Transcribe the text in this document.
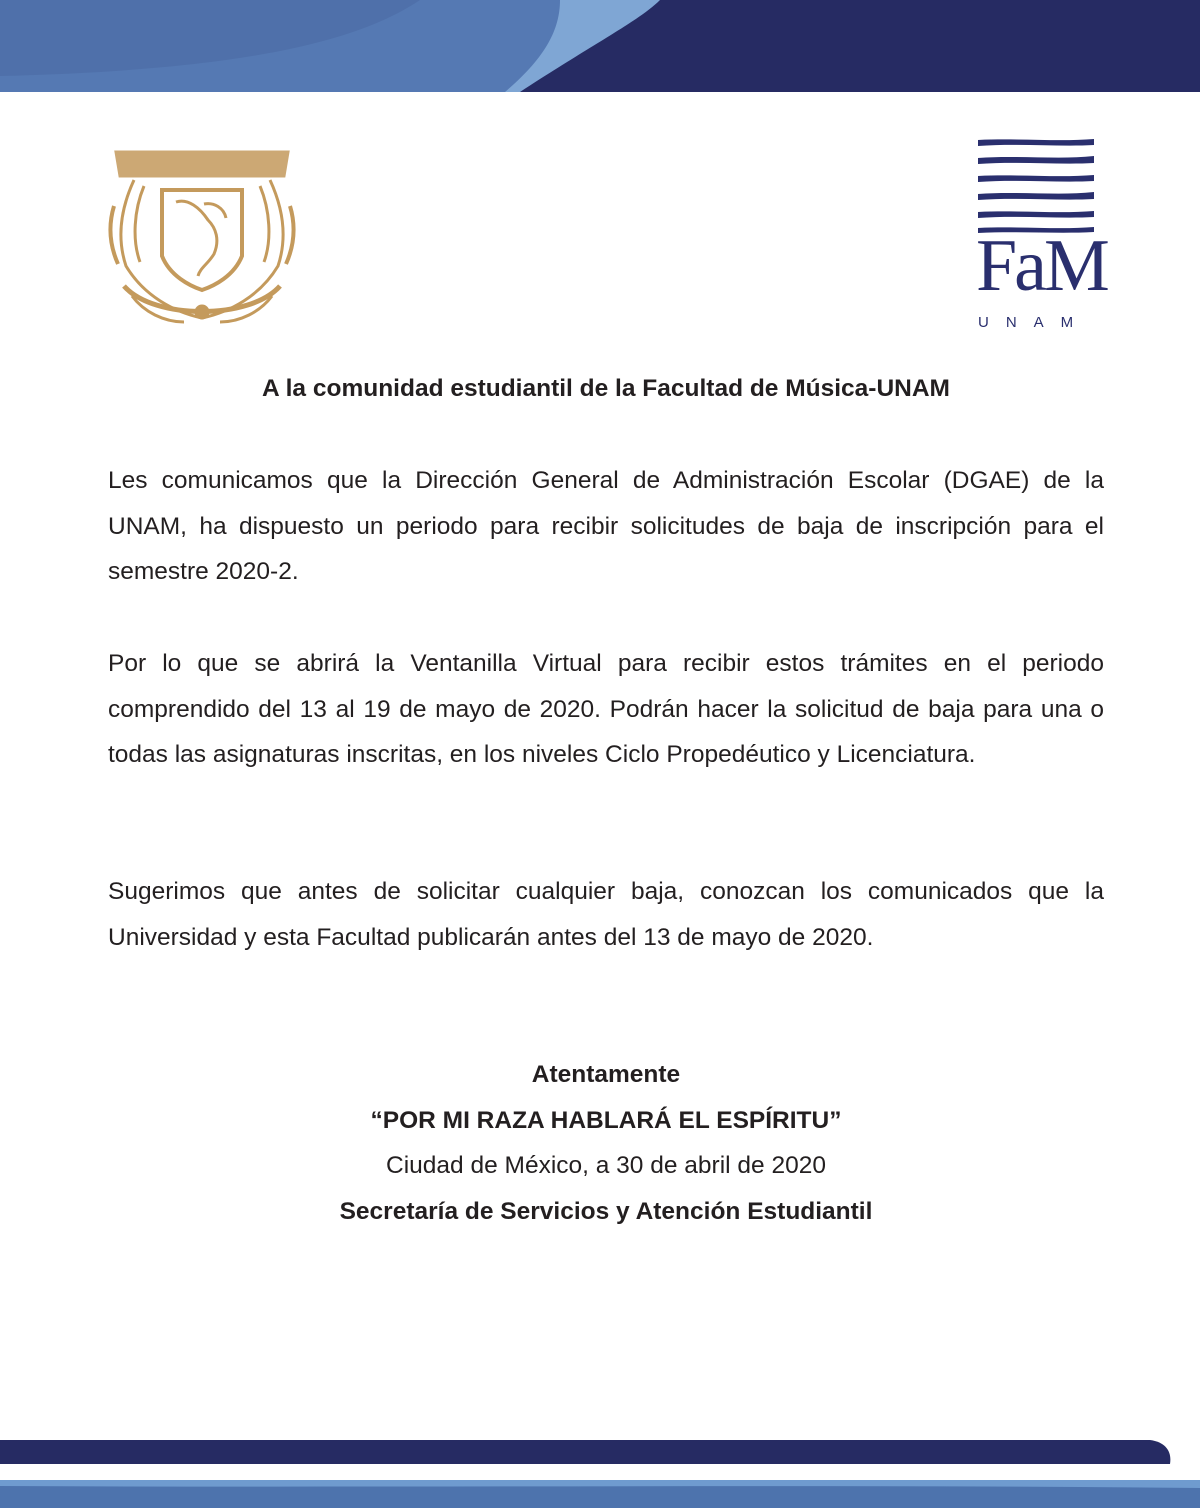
FaM
UNAM
A la comunidad estudiantil de la Facultad de Música-UNAM

Les comunicamos que la Dirección General de Administración Escolar (DGAE) de la UNAM, ha dispuesto un periodo para recibir solicitudes de baja de inscripción para el semestre 2020-2.

Por lo que se abrirá la Ventanilla Virtual para recibir estos trámites en el periodo comprendido del 13 al 19 de mayo de 2020. Podrán hacer la solicitud de baja para una o todas las asignaturas inscritas, en los niveles Ciclo Propedéutico y Licenciatura.

Sugerimos que antes de solicitar cualquier baja, conozcan los comunicados que la Universidad y esta Facultad publicarán antes del 13 de mayo de 2020.

Atentamente
“POR MI RAZA HABLARÁ EL ESPÍRITU”
Ciudad de México, a 30 de abril de 2020
Secretaría de Servicios y Atención Estudiantil
